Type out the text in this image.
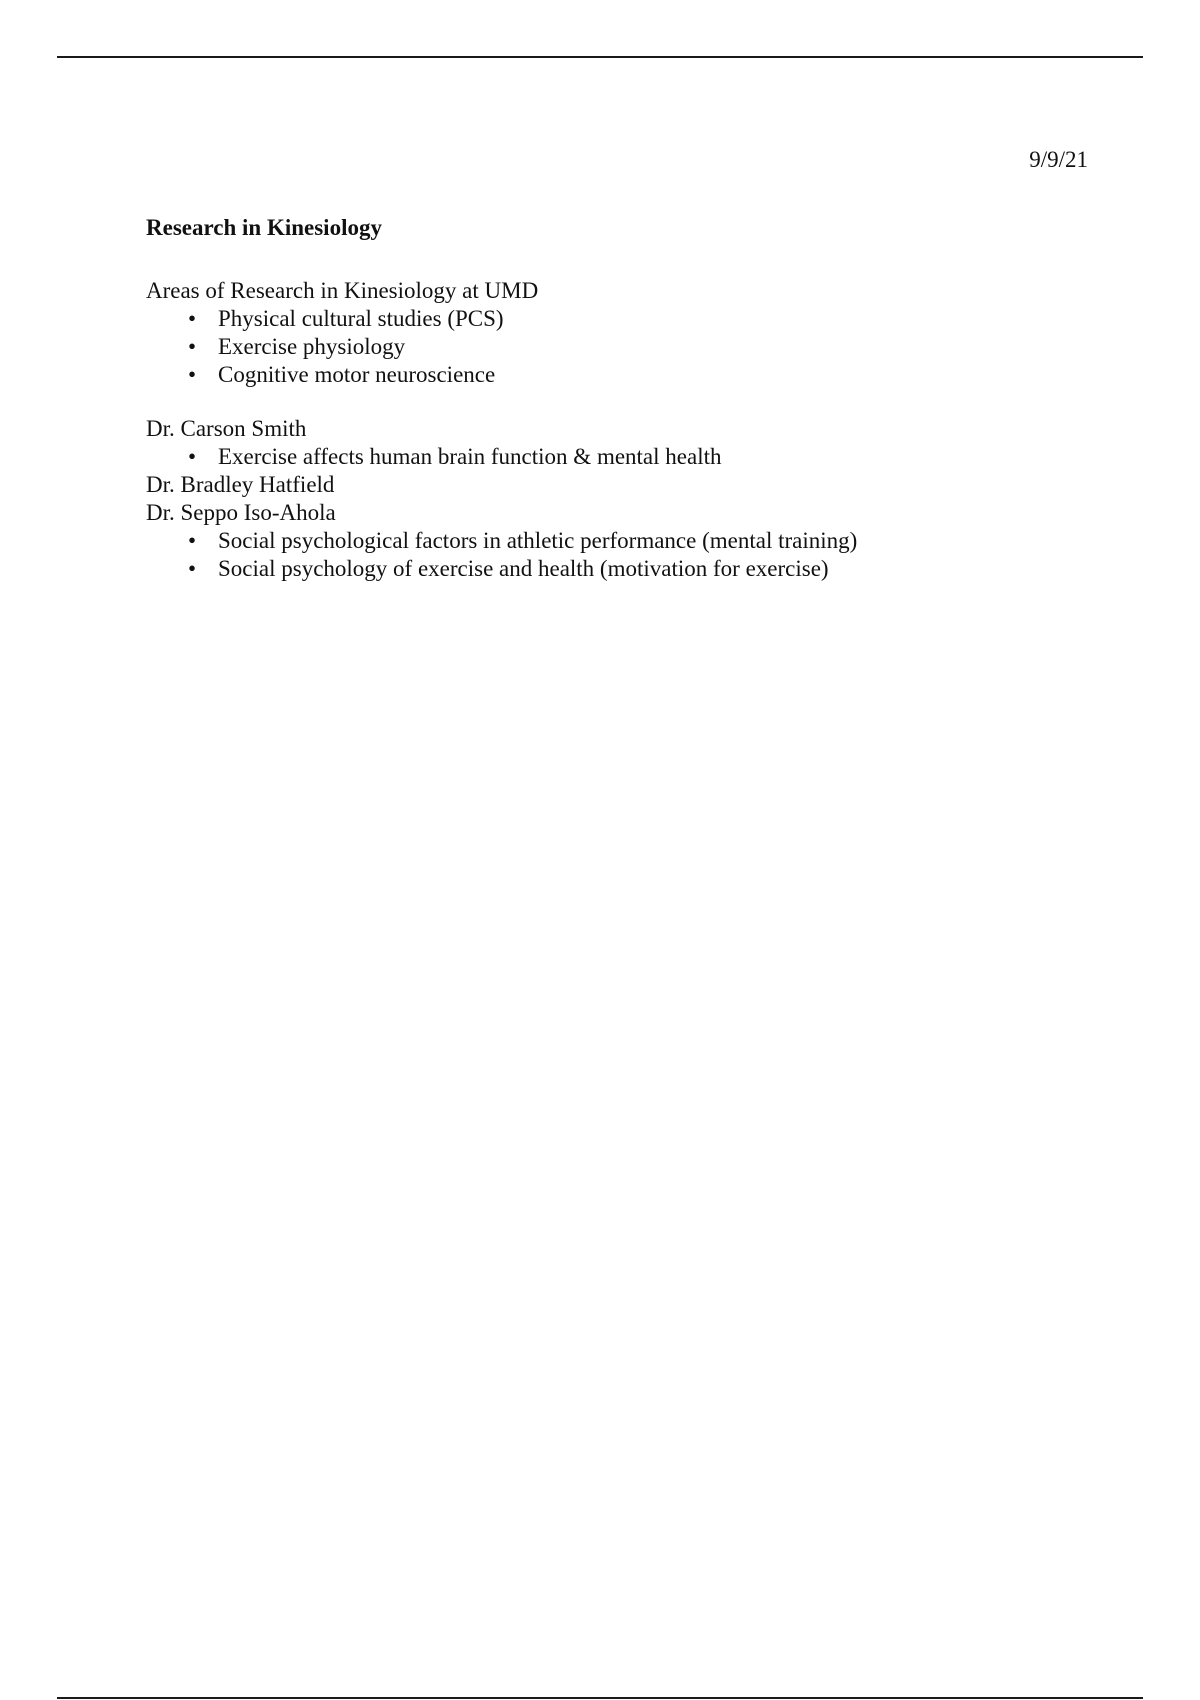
9/9/21

Research in Kinesiology

Areas of Research in Kinesiology at UMD

• Physical cultural studies (PCS)
• Exercise physiology
• Cognitive motor neuroscience
Dr. Carson Smith
• Exercise affects human brain function & mental health
Dr. Bradley Hatfield
Dr. Seppo Iso-Ahola
• Social psychological factors in athletic performance (mental training)
• Social psychology of exercise and health (motivation for exercise)
